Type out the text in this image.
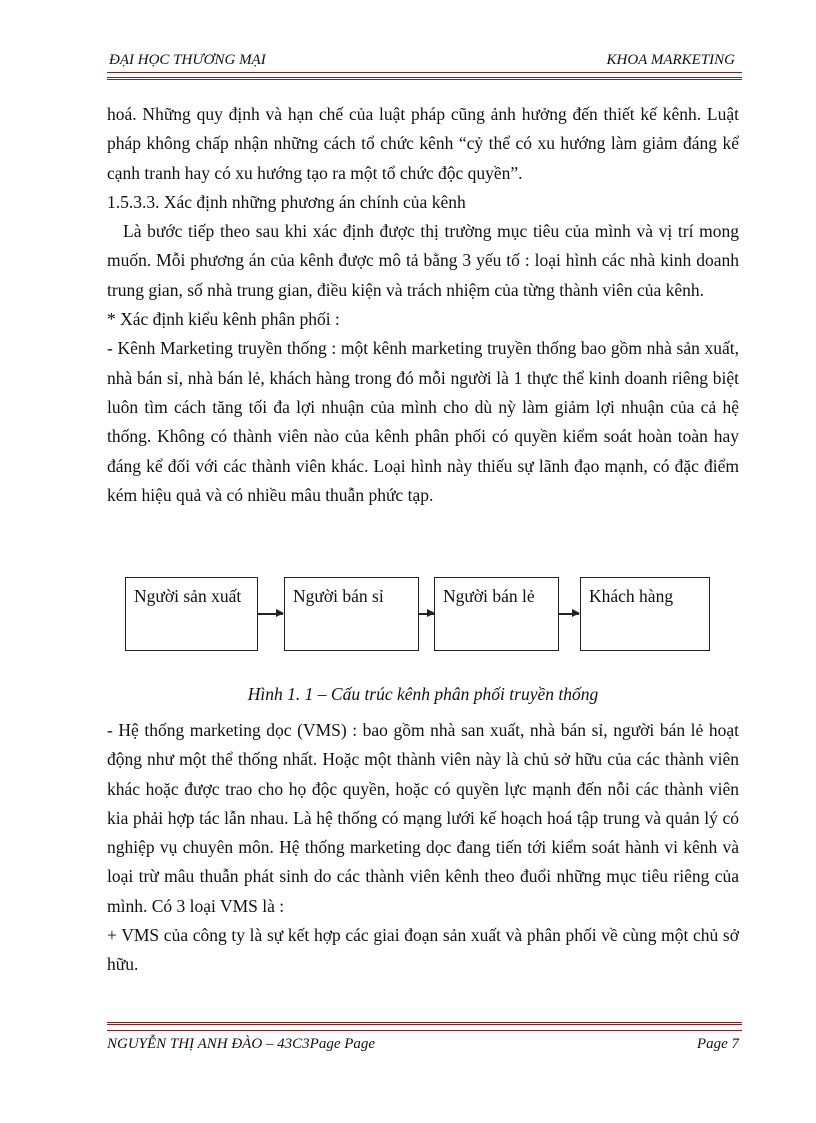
ĐẠI HỌC THƯƠNG MẠI	KHOA MARKETING

hoá. Những quy định và hạn chế của luật pháp cũng ảnh hưởng đến thiết kế kênh. Luật pháp không chấp nhận những cách tổ chức kênh “cỷ thể có xu hướng làm giảm đáng kể cạnh tranh hay có xu hướng tạo ra một tổ chức độc quyền”.

1.5.3.3. Xác định những phương án chính của kênh

Là bước tiếp theo sau khi xác định được thị trường mục tiêu của mình và vị trí mong muốn. Mỗi phương án của kênh được mô tả bằng 3 yếu tố : loại hình các nhà kinh doanh trung gian, số nhà trung gian, điều kiện và trách nhiệm của từng thành viên của kênh.

* Xác định kiểu kênh phân phối :

- Kênh Marketing truyền thống : một kênh marketing truyền thống bao gồm nhà sản xuất, nhà bán sỉ, nhà bán lẻ, khách hàng trong đó mỗi người là 1 thực thể kinh doanh riêng biệt luôn tìm cách tăng tối đa lợi nhuận của mình cho dù nỳ làm giảm lợi nhuận của cả hệ thống. Không có thành viên nào của kênh phân phối có quyền kiểm soát hoàn toàn hay đáng kể đối với các thành viên khác. Loại hình này thiếu sự lãnh đạo mạnh, có đặc điểm kém hiệu quả và có nhiều mâu thuẫn phức tạp.

Người sản xuất	Người bán sỉ	Người bán lẻ	Khách hàng
Hình 1. 1 – Cấu trúc kênh phân phối truyền thống

- Hệ thống marketing dọc (VMS) : bao gồm nhà san xuất, nhà bán sỉ, người bán lẻ hoạt động như một thể thống nhất. Hoặc một thành viên này là chủ sở hữu của các thành viên khác hoặc được trao cho họ độc quyền, hoặc có quyền lực mạnh đến nỗi các thành viên kia phải hợp tác lẫn nhau. Là hệ thống có mạng lưới kế hoạch hoá tập trung và quản lý có nghiệp vụ chuyên môn. Hệ thống marketing dọc đang tiến tới kiểm soát hành vi kênh và loại trừ mâu thuẫn phát sinh do các thành viên kênh theo đuổi những mục tiêu riêng của mình. Có 3 loại VMS là :

+ VMS của công ty là sự kết hợp các giai đoạn sản xuất và phân phối về cùng một chủ sở hữu.

NGUYỄN THỊ ANH ĐÀO – 43C3Page Page	Page 7
